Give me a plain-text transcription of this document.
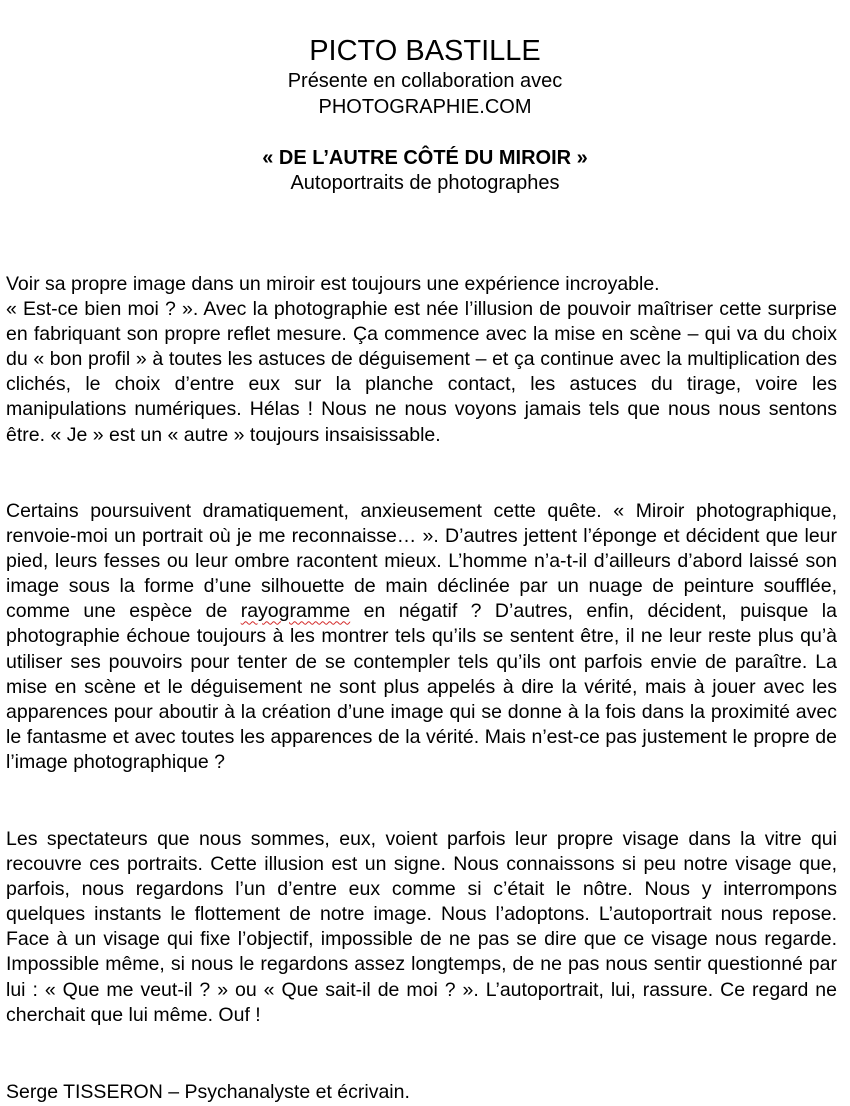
PICTO BASTILLE
Présente en collaboration avec
PHOTOGRAPHIE.COM
« DE L’AUTRE CÔTÉ DU MIROIR »
Autoportraits de photographes

Voir sa propre image dans un miroir est toujours une expérience incroyable.
« Est-ce bien moi ? ». Avec la photographie est née l’illusion de pouvoir maîtriser cette surprise en fabriquant son propre reflet mesure. Ça commence avec la mise en scène – qui va du choix du « bon profil » à toutes les astuces de déguisement – et ça continue avec la multiplication des clichés, le choix d’entre eux sur la planche contact, les astuces du tirage, voire les manipulations numériques. Hélas ! Nous ne nous voyons jamais tels que nous nous sentons être. « Je » est un « autre » toujours insaisissable.

Certains poursuivent dramatiquement, anxieusement cette quête. « Miroir photographique, renvoie-moi un portrait où je me reconnaisse… ». D’autres jettent l’éponge et décident que leur pied, leurs fesses ou leur ombre racontent mieux. L’homme n’a-t-il d’ailleurs d’abord laissé son image sous la forme d’une silhouette de main déclinée par un nuage de peinture soufflée, comme une espèce de rayogramme en négatif ? D’autres, enfin, décident, puisque la photographie échoue toujours à les montrer tels qu’ils se sentent être, il ne leur reste plus qu’à utiliser ses pouvoirs pour tenter de se contempler tels qu’ils ont parfois envie de paraître. La mise en scène et le déguisement ne sont plus appelés à dire la vérité, mais à jouer avec les apparences pour aboutir à la création d’une image qui se donne à la fois dans la proximité avec le fantasme et avec toutes les apparences de la vérité. Mais n’est-ce pas justement le propre de l’image photographique ?

Les spectateurs que nous sommes, eux, voient parfois leur propre visage dans la vitre qui recouvre ces portraits. Cette illusion est un signe. Nous connaissons si peu notre visage que, parfois, nous regardons l’un d’entre eux comme si c’était le nôtre. Nous y interrompons quelques instants le flottement de notre image. Nous l’adoptons. L’autoportrait nous repose. Face à un visage qui fixe l’objectif, impossible de ne pas se dire que ce visage nous regarde. Impossible même, si nous le regardons assez longtemps, de ne pas nous sentir questionné par lui : « Que me veut-il ? » ou « Que sait-il de moi ? ». L’autoportrait, lui, rassure. Ce regard ne cherchait que lui même. Ouf !

Serge TISSERON – Psychanalyste et écrivain.
